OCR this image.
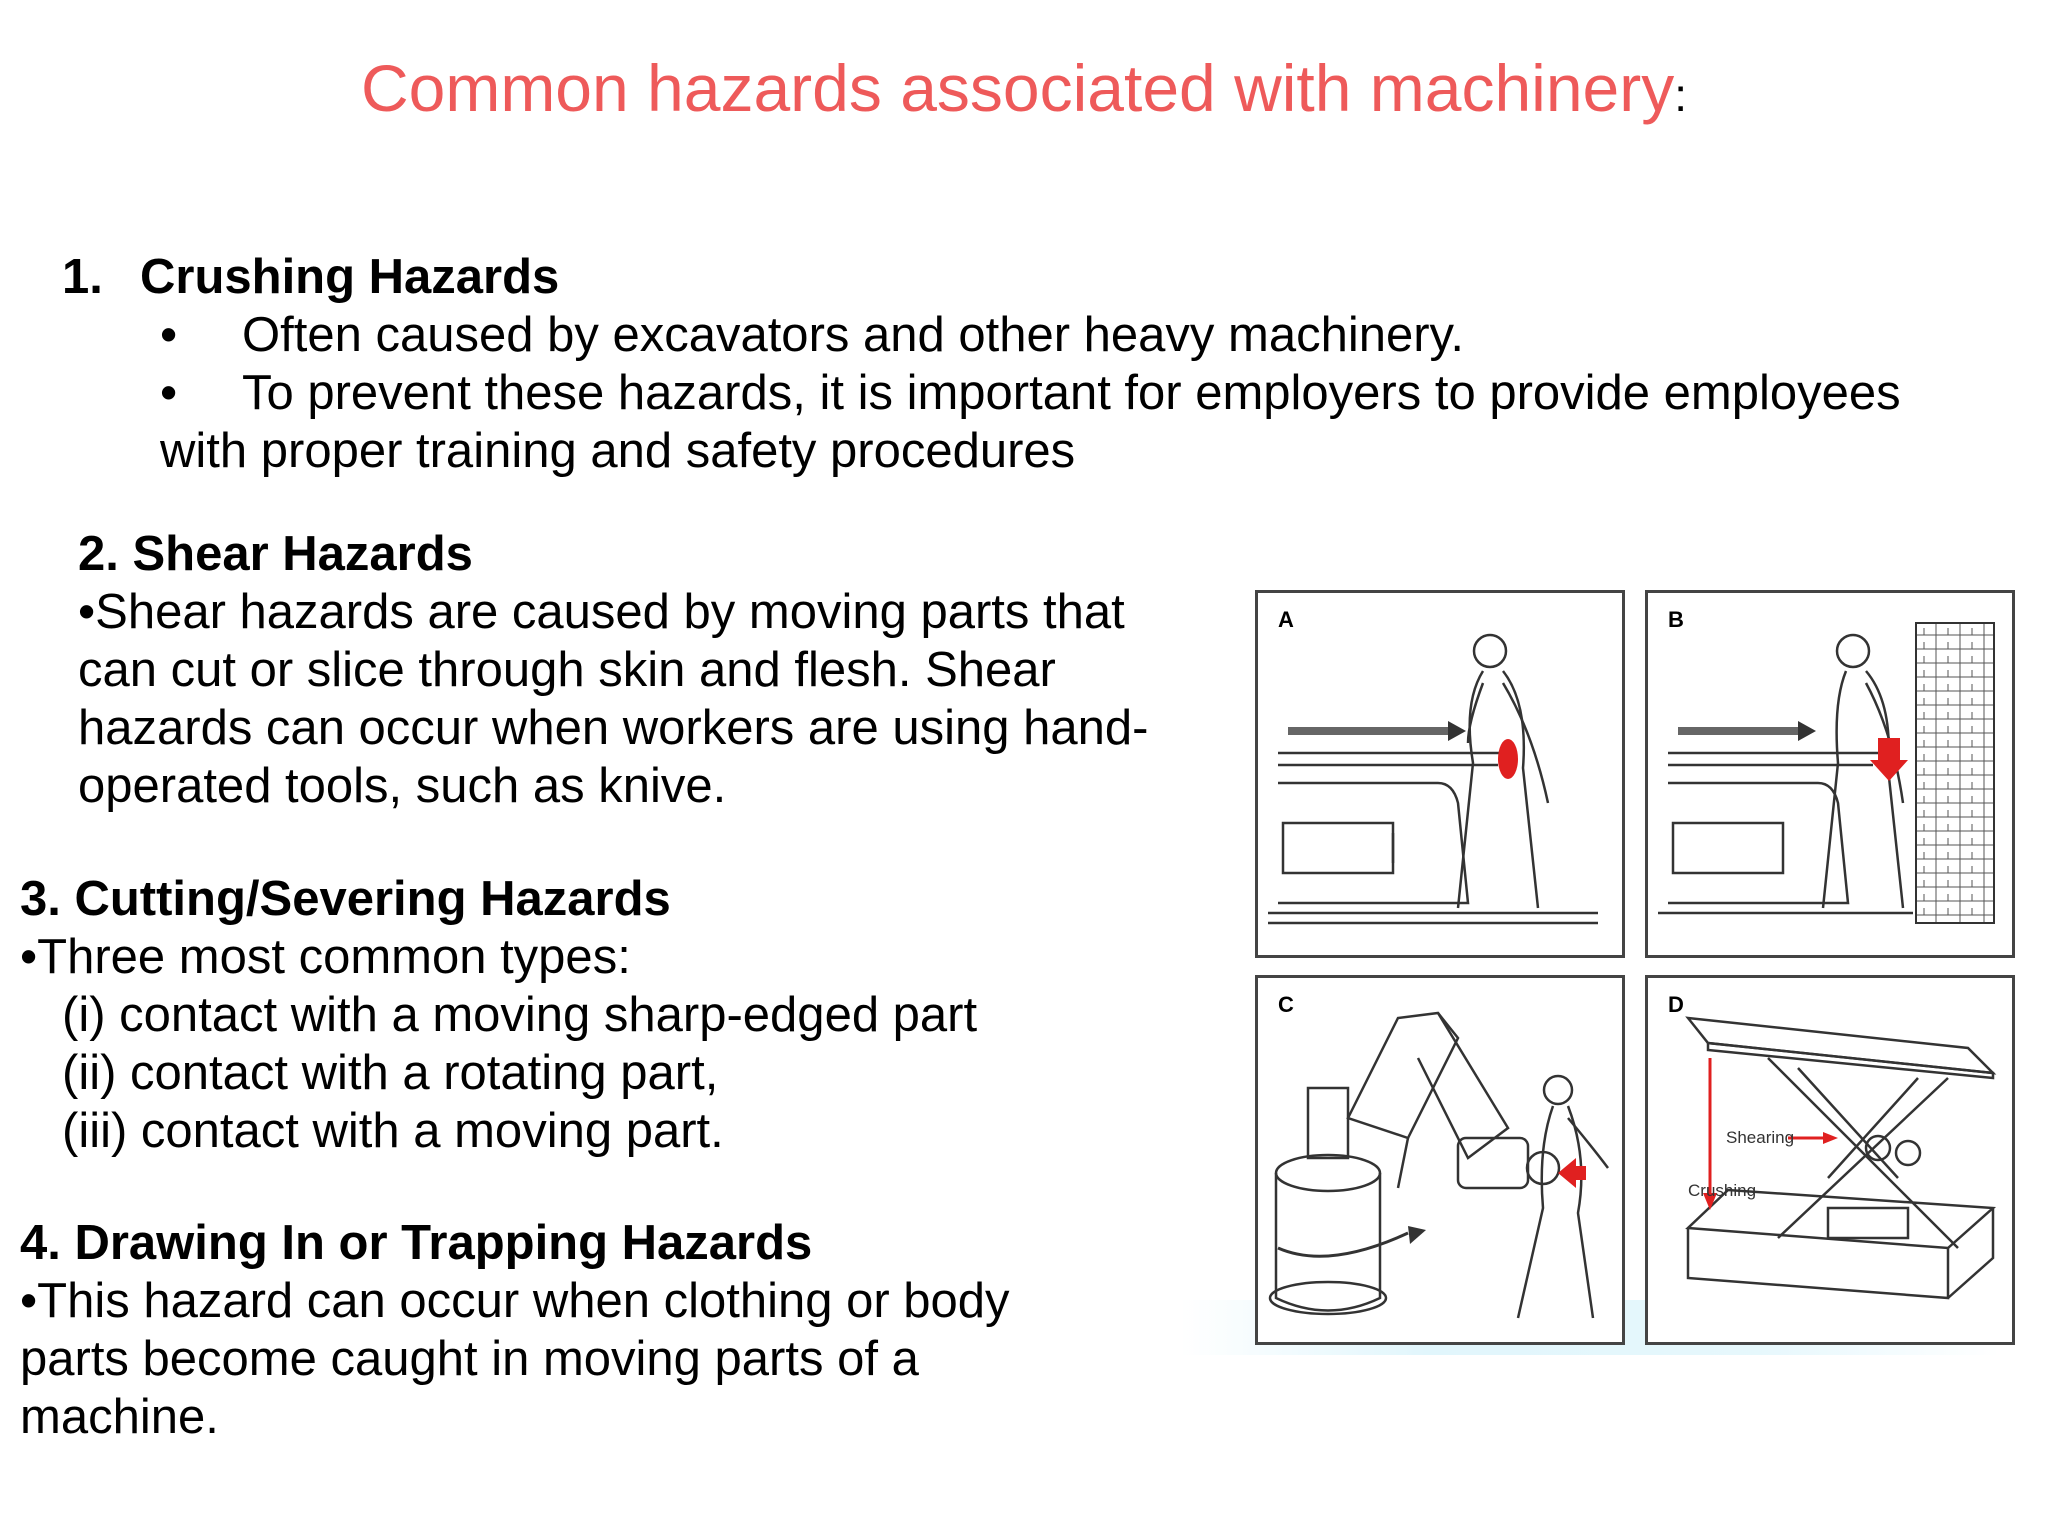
Common hazards associated with machinery:
1. Crushing Hazards
• Often caused by excavators and other heavy machinery.
• To prevent these hazards, it is important for employers to provide employees
with proper training and safety procedures
2. Shear Hazards
•Shear hazards are caused by moving parts that
can cut or slice through skin and flesh. Shear
hazards can occur when workers are using hand-
operated tools, such as knive.
3. Cutting/Severing Hazards
•Three most common types:
(i) contact with a moving sharp-edged part
(ii) contact with a rotating part,
(iii) contact with a moving part.
4. Drawing In or Trapping Hazards
•This hazard can occur when clothing or body
parts become caught in moving parts of a
machine.
A	B
C
Shearing
Crushing
D
